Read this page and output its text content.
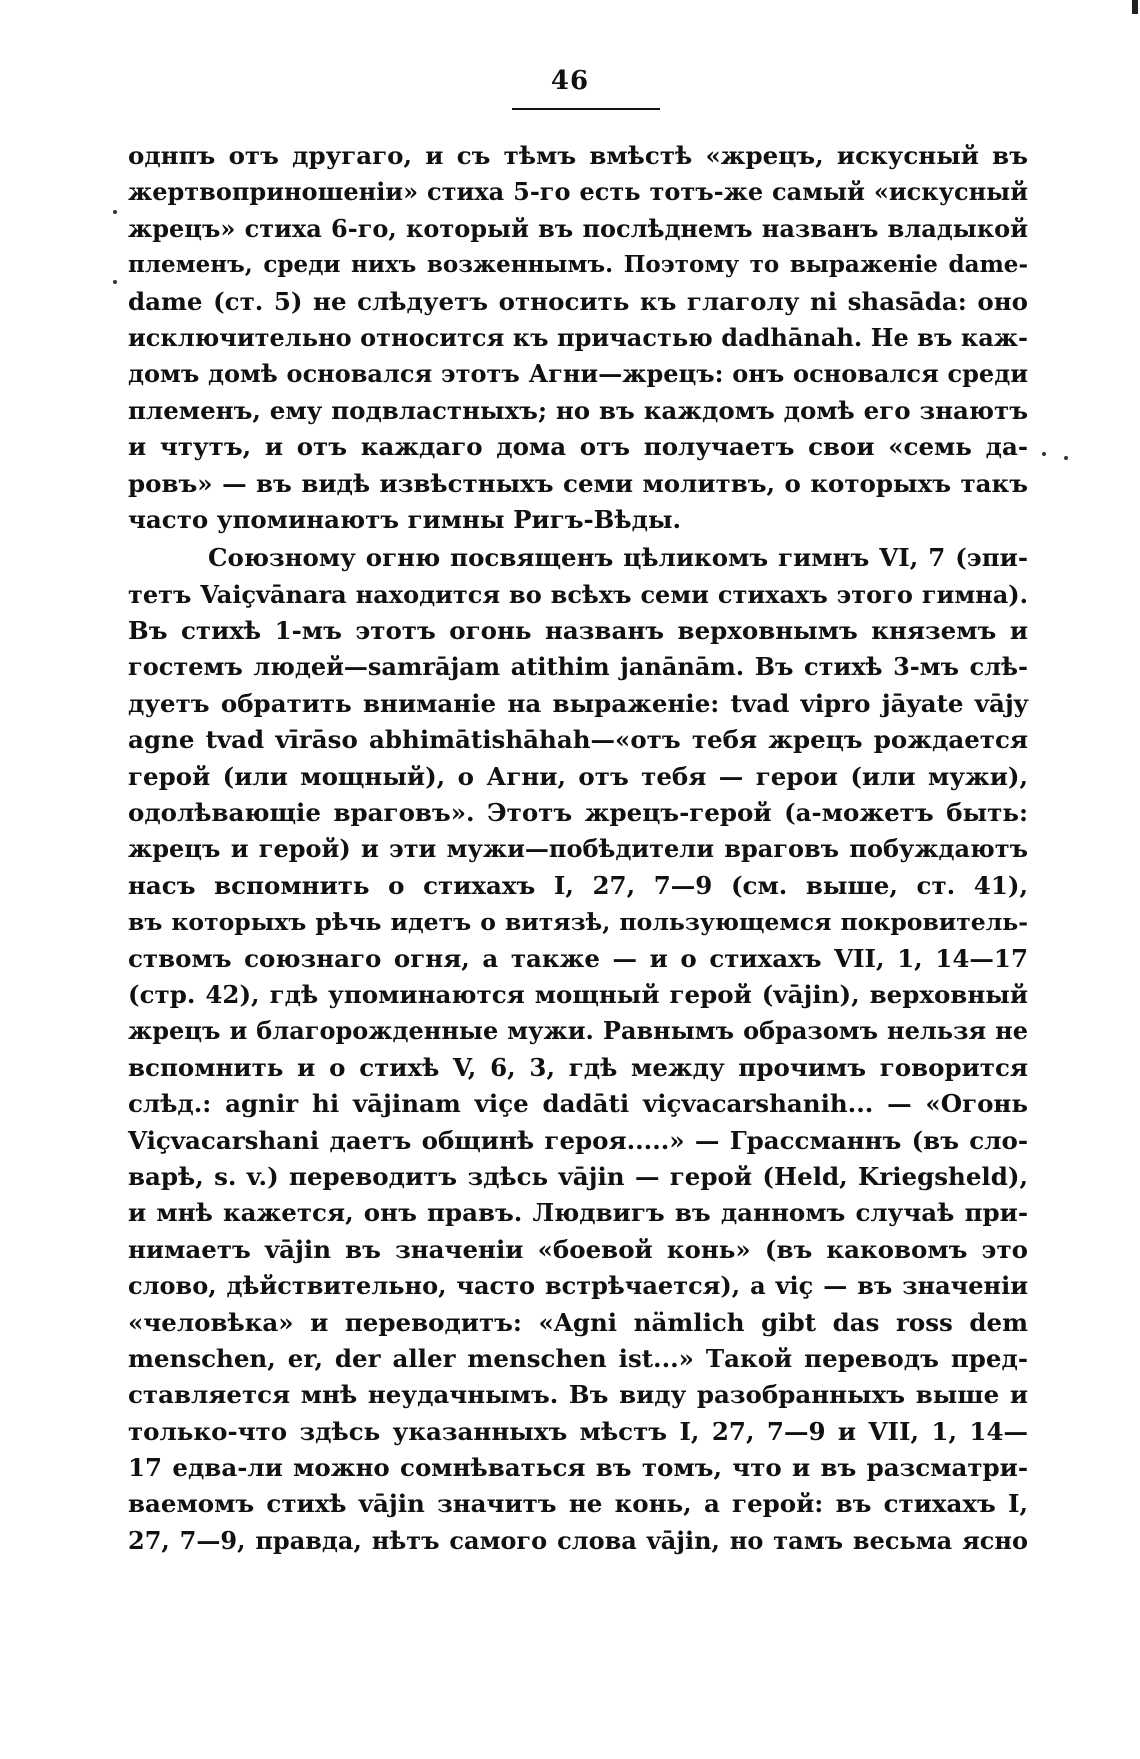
46
однпъ отъ другаго, и съ тѣмъ вмѣстѣ «жрецъ, искусный въ
жертвоприношеніи» стиха 5-го есть тотъ-же самый «искусный
жрецъ» стиха 6-го, который въ послѣднемъ названъ владыкой
племенъ, среди нихъ возженнымъ. Поэтому то выраженіе dame-
dame (ст. 5) не слѣдуетъ относить къ глаголу ni shasāda: оно
исключительно относится къ причастью dadhānah. Не въ каж-
домъ домѣ основался этотъ Агни—жрецъ: онъ основался среди
племенъ, ему подвластныхъ; но въ каждомъ домѣ его знаютъ
и чтутъ, и отъ каждаго дома отъ получаетъ свои «семь да-
ровъ» — въ видѣ извѣстныхъ семи молитвъ, о которыхъ такъ
часто упоминаютъ гимны Ригъ-Вѣды.
Союзному огню посвященъ цѣликомъ гимнъ VI, 7 (эпи-
тетъ Vaiçvānara находится во всѣхъ семи стихахъ этого гимна).
Въ стихѣ 1-мъ этотъ огонь названъ верховнымъ княземъ и
гостемъ людей—samrājam atithim janānām. Въ стихѣ 3-мъ слѣ-
дуетъ обратить вниманіе на выраженіе: tvad vipro jāyate vājy
agne tvad vīrāso abhimātishāhah—«отъ тебя жрецъ рождается
герой (или мощный), о Агни, отъ тебя — герои (или мужи),
одолѣвающіе враговъ». Этотъ жрецъ-герой (а-можетъ быть:
жрецъ и герой) и эти мужи—побѣдители враговъ побуждаютъ
насъ вспомнить о стихахъ I, 27, 7—9 (см. выше, ст. 41),
въ которыхъ рѣчь идетъ о витязѣ, пользующемся покровитель-
ствомъ союзнаго огня, а также — и о стихахъ VII, 1, 14—17
(стр. 42), гдѣ упоминаются мощный герой (vājin), верховный
жрецъ и благорожденные мужи. Равнымъ образомъ нельзя не
вспомнить и о стихѣ V, 6, 3, гдѣ между прочимъ говорится
слѣд.: agnir hi vājinam viçe dadāti viçvacarshanih... — «Огонь
Viçvacarshani даетъ общинѣ героя.....» — Грассманнъ (въ сло-
варѣ, s. v.) переводитъ здѣсь vājin — герой (Held, Kriegsheld),
и мнѣ кажется, онъ правъ. Людвигъ въ данномъ случаѣ при-
нимаетъ vājin въ значеніи «боевой конь» (въ каковомъ это
слово, дѣйствительно, часто встрѣчается), а viç — въ значеніи
«человѣка» и переводитъ: «Agni nämlich gibt das ross dem
menschen, er, der aller menschen ist...» Такой переводъ пред-
ставляется мнѣ неудачнымъ. Въ виду разобранныхъ выше и
только-что здѣсь указанныхъ мѣстъ I, 27, 7—9 и VII, 1, 14—
17 едва-ли можно сомнѣваться въ томъ, что и въ разсматри-
ваемомъ стихѣ vājin значитъ не конь, а герой: въ стихахъ I,
27, 7—9, правда, нѣтъ самого слова vājin, но тамъ весьма ясно
